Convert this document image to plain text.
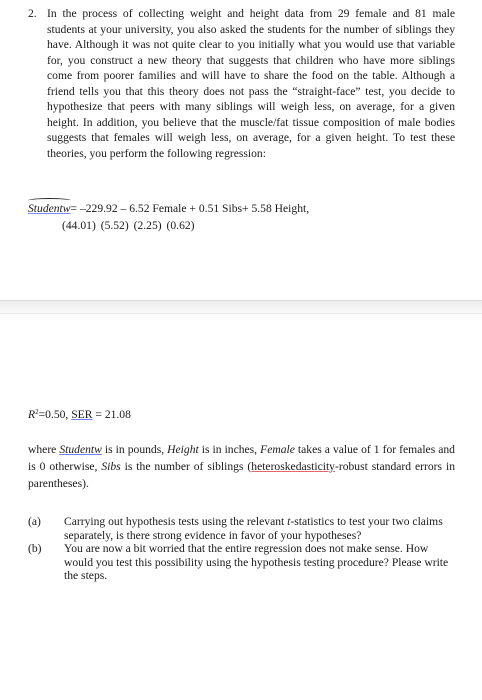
2. In the process of collecting weight and height data from 29 female and 81 male students at your university, you also asked the students for the number of siblings they have. Although it was not quite clear to you initially what you would use that variable for, you construct a new theory that suggests that children who have more siblings come from poorer families and will have to share the food on the table. Although a friend tells you that this theory does not pass the “straight-face” test, you decide to hypothesize that peers with many siblings will weigh less, on average, for a given height. In addition, you believe that the muscle/fat tissue composition of male bodies suggests that females will weigh less, on average, for a given height. To test these theories, you perform the following regression:
Studentw= –229.92 – 6.52 Female + 0.51 Sibs+ 5.58 Height,
(44.01) (5.52) (2.25) (0.62)
$R^2=0.50$, SER = 21.08
where Studentw is in pounds, Height is in inches, Female takes a value of 1 for females and is 0 otherwise, Sibs is the number of siblings (heteroskedasticity-robust standard errors in parentheses).
(a) Carrying out hypothesis tests using the relevant t-statistics to test your two claims separately, is there strong evidence in favor of your hypotheses?
(b) You are now a bit worried that the entire regression does not make sense. How would you test this possibility using the hypothesis testing procedure? Please write the steps.
